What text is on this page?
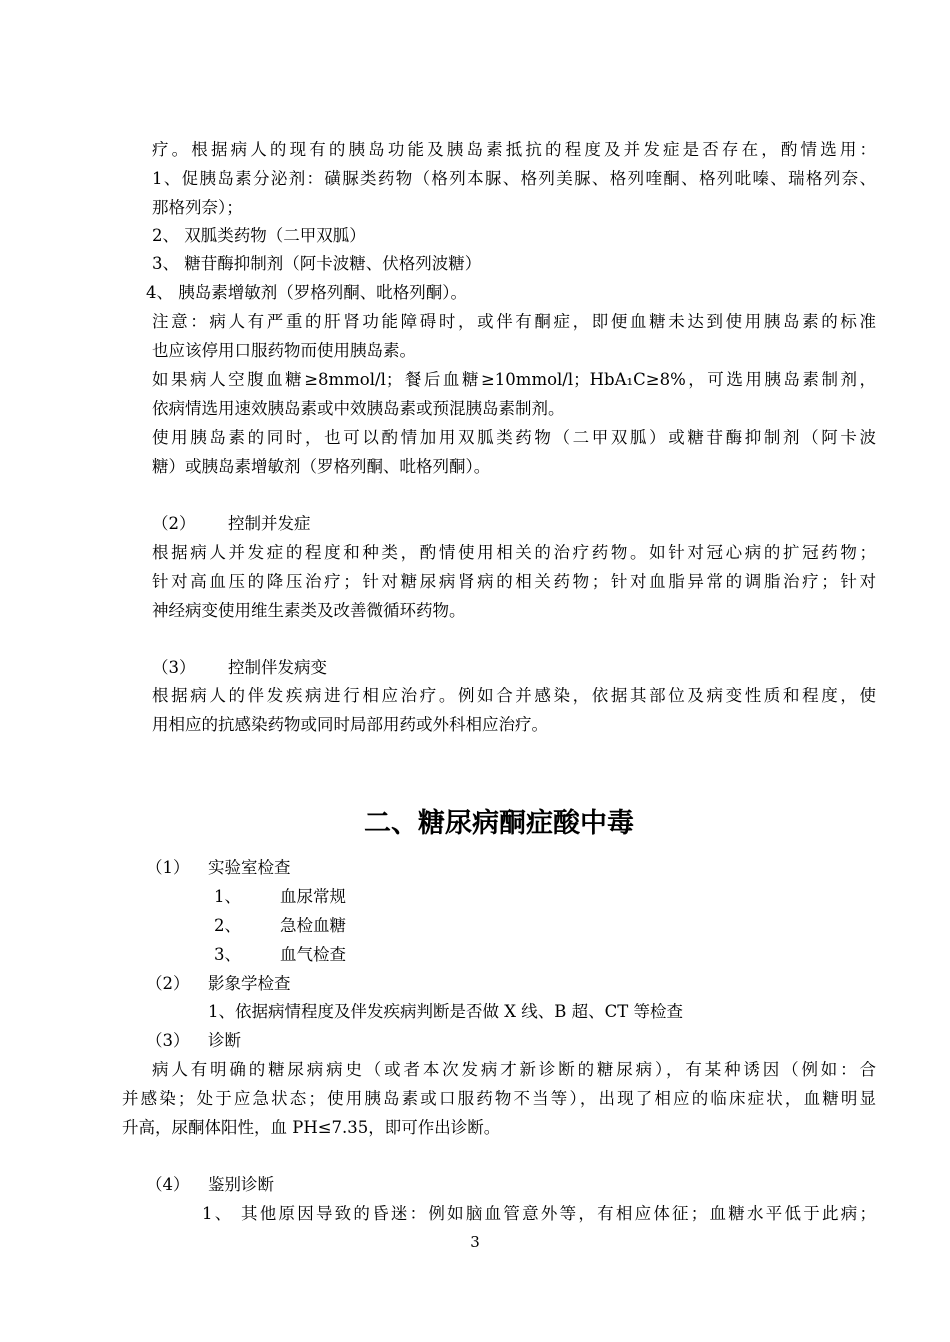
疗。根据病人的现有的胰岛功能及胰岛素抵抗的程度及并发症是否存在，酌情选用：
1、促胰岛素分泌剂：磺脲类药物（格列本脲、格列美脲、格列喹酮、格列吡嗪、瑞格列奈、
那格列奈）；
2、 双胍类药物（二甲双胍）
3、 糖苷酶抑制剂（阿卡波糖、伏格列波糖）
4、 胰岛素增敏剂（罗格列酮、吡格列酮）。
注意：病人有严重的肝肾功能障碍时，或伴有酮症，即便血糖未达到使用胰岛素的标准
也应该停用口服药物而使用胰岛素。
如果病人空腹血糖≥8mmol/l；餐后血糖≥10mmol/l；HbA₁C≥8%，可选用胰岛素制剂，
依病情选用速效胰岛素或中效胰岛素或预混胰岛素制剂。
使用胰岛素的同时，也可以酌情加用双胍类药物（二甲双胍）或糖苷酶抑制剂（阿卡波
糖）或胰岛素增敏剂（罗格列酮、吡格列酮）。
（2） 控制并发症
根据病人并发症的程度和种类，酌情使用相关的治疗药物。如针对冠心病的扩冠药物；
针对高血压的降压治疗；针对糖尿病肾病的相关药物；针对血脂异常的调脂治疗；针对
神经病变使用维生素类及改善微循环药物。
（3） 控制伴发病变
根据病人的伴发疾病进行相应治疗。例如合并感染，依据其部位及病变性质和程度，使
用相应的抗感染药物或同时局部用药或外科相应治疗。
二、糖尿病酮症酸中毒
（1） 实验室检查
1、 血尿常规
2、 急检血糖
3、 血气检查
（2） 影象学检查
1、依据病情程度及伴发疾病判断是否做 X 线、B 超、CT 等检查
（3） 诊断
病人有明确的糖尿病病史（或者本次发病才新诊断的糖尿病），有某种诱因（例如：合
并感染；处于应急状态；使用胰岛素或口服药物不当等），出现了相应的临床症状，血糖明显
升高，尿酮体阳性，血 PH≤7.35，即可作出诊断。
（4） 鉴别诊断
1、 其他原因导致的昏迷：例如脑血管意外等，有相应体征；血糖水平低于此病；
3
